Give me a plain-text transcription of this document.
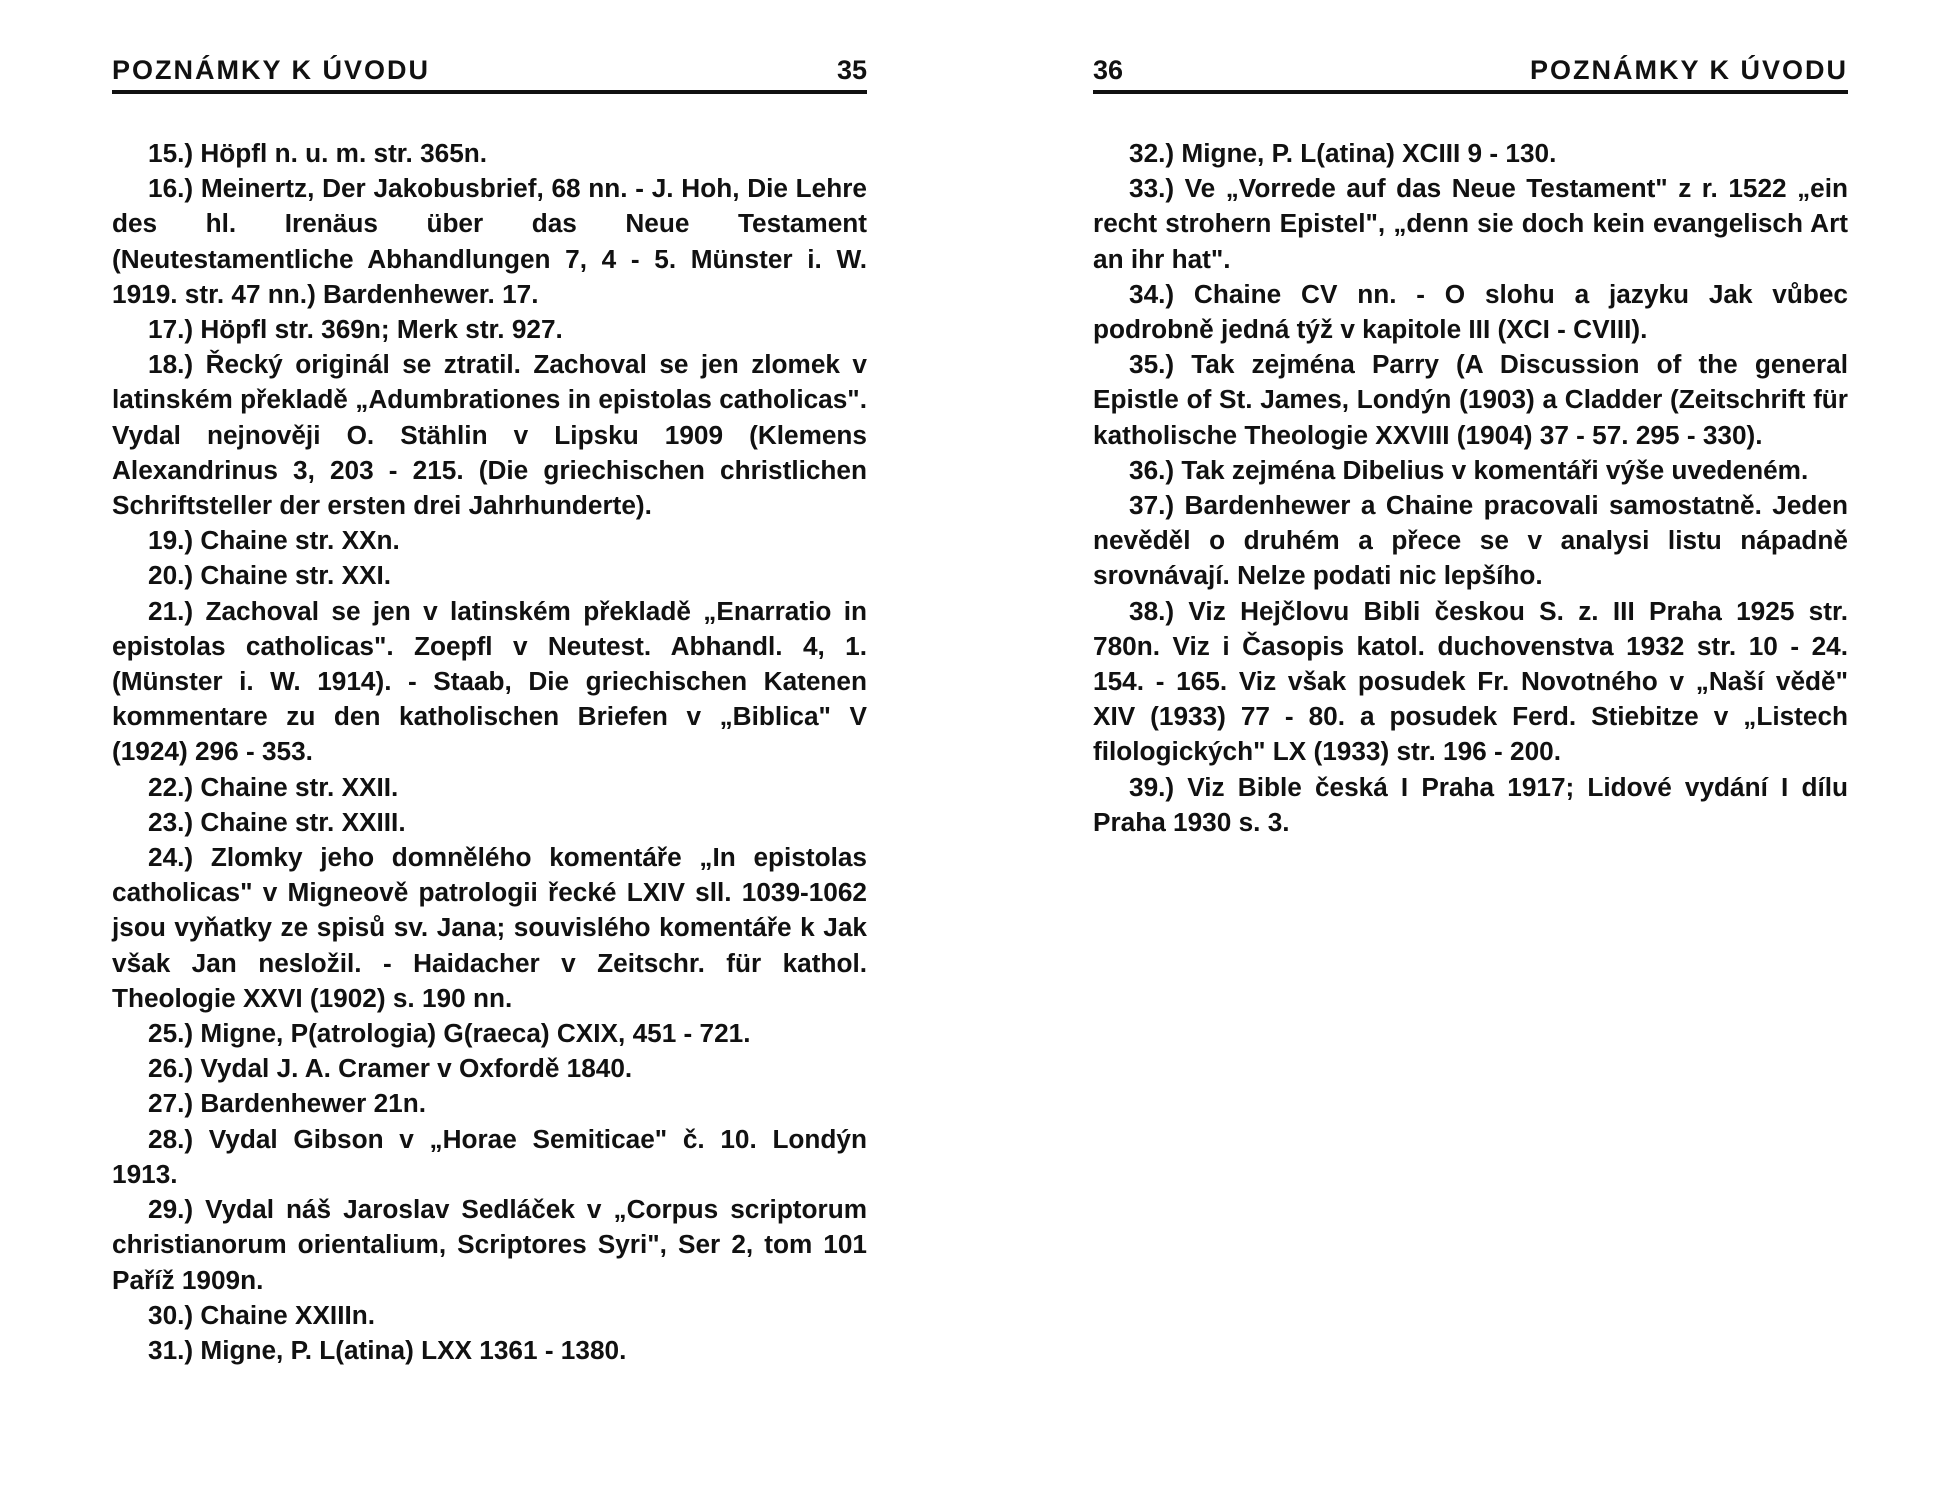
POZNÁMKY K ÚVODU	35

15.) Höpfl n. u. m. str. 365n.

16.) Meinertz, Der Jakobusbrief, 68 nn. - J. Hoh, Die Lehre des hl. Irenäus über das Neue Testament (Neutestamentliche Abhandlungen 7, 4 - 5. Münster i. W. 1919. str. 47 nn.) Bardenhewer. 17.

17.) Höpfl str. 369n; Merk str. 927.

18.) Řecký originál se ztratil. Zachoval se jen zlomek v latinském překladě „Adumbrationes in epistolas catholicas". Vydal nejnověji O. Stählin v Lipsku 1909 (Klemens Alexandrinus 3, 203 - 215. (Die griechischen christlichen Schriftsteller der ersten drei Jahrhunderte).

19.) Chaine str. XXn.

20.) Chaine str. XXI.

21.) Zachoval se jen v latinském překladě „Enarratio in epistolas catholicas". Zoepfl v Neutest. Abhandl. 4, 1. (Münster i. W. 1914). - Staab, Die griechischen Katenen kommentare zu den katholischen Briefen v „Biblica" V (1924) 296 - 353.

22.) Chaine str. XXII.

23.) Chaine str. XXIII.

24.) Zlomky jeho domnělého komentáře „In epistolas catholicas" v Migneově patrologii řecké LXIV sll. 1039-1062 jsou vyňatky ze spisů sv. Jana; souvislého komentáře k Jak však Jan nesložil. - Haidacher v Zeitschr. für kathol. Theologie XXVI (1902) s. 190 nn.

25.) Migne, P(atrologia) G(raeca) CXIX, 451 - 721.

26.) Vydal J. A. Cramer v Oxfordě 1840.

27.) Bardenhewer 21n.

28.) Vydal Gibson v „Horae Semiticae" č. 10. Londýn 1913.

29.) Vydal náš Jaroslav Sedláček v „Corpus scriptorum christianorum orientalium, Scriptores Syri", Ser 2, tom 101 Paříž 1909n.

30.) Chaine XXIIIn.

31.) Migne, P. L(atina) LXX 1361 - 1380.

36	POZNÁMKY K ÚVODU

32.) Migne, P. L(atina) XCIII 9 - 130.

33.) Ve „Vorrede auf das Neue Testament" z r. 1522 „ein recht strohern Epistel", „denn sie doch kein evangelisch Art an ihr hat".

34.) Chaine CV nn. - O slohu a jazyku Jak vůbec podrobně jedná týž v kapitole III (XCI - CVIII).

35.) Tak zejména Parry (A Discussion of the general Epistle of St. James, Londýn (1903) a Cladder (Zeitschrift für katholische Theologie XXVIII (1904) 37 - 57. 295 - 330).

36.) Tak zejména Dibelius v komentáři výše uvedeném.

37.) Bardenhewer a Chaine pracovali samostatně. Jeden nevěděl o druhém a přece se v analysi listu nápadně srovnávají. Nelze podati nic lepšího.

38.) Viz Hejčlovu Bibli českou S. z. III Praha 1925 str. 780n. Viz i Časopis katol. duchovenstva 1932 str. 10 - 24. 154. - 165. Viz však posudek Fr. Novotného v „Naší vědě" XIV (1933) 77 - 80. a posudek Ferd. Stiebitze v „Listech filologických" LX (1933) str. 196 - 200.

39.) Viz Bible česká I Praha 1917; Lidové vydání I dílu Praha 1930 s. 3.
